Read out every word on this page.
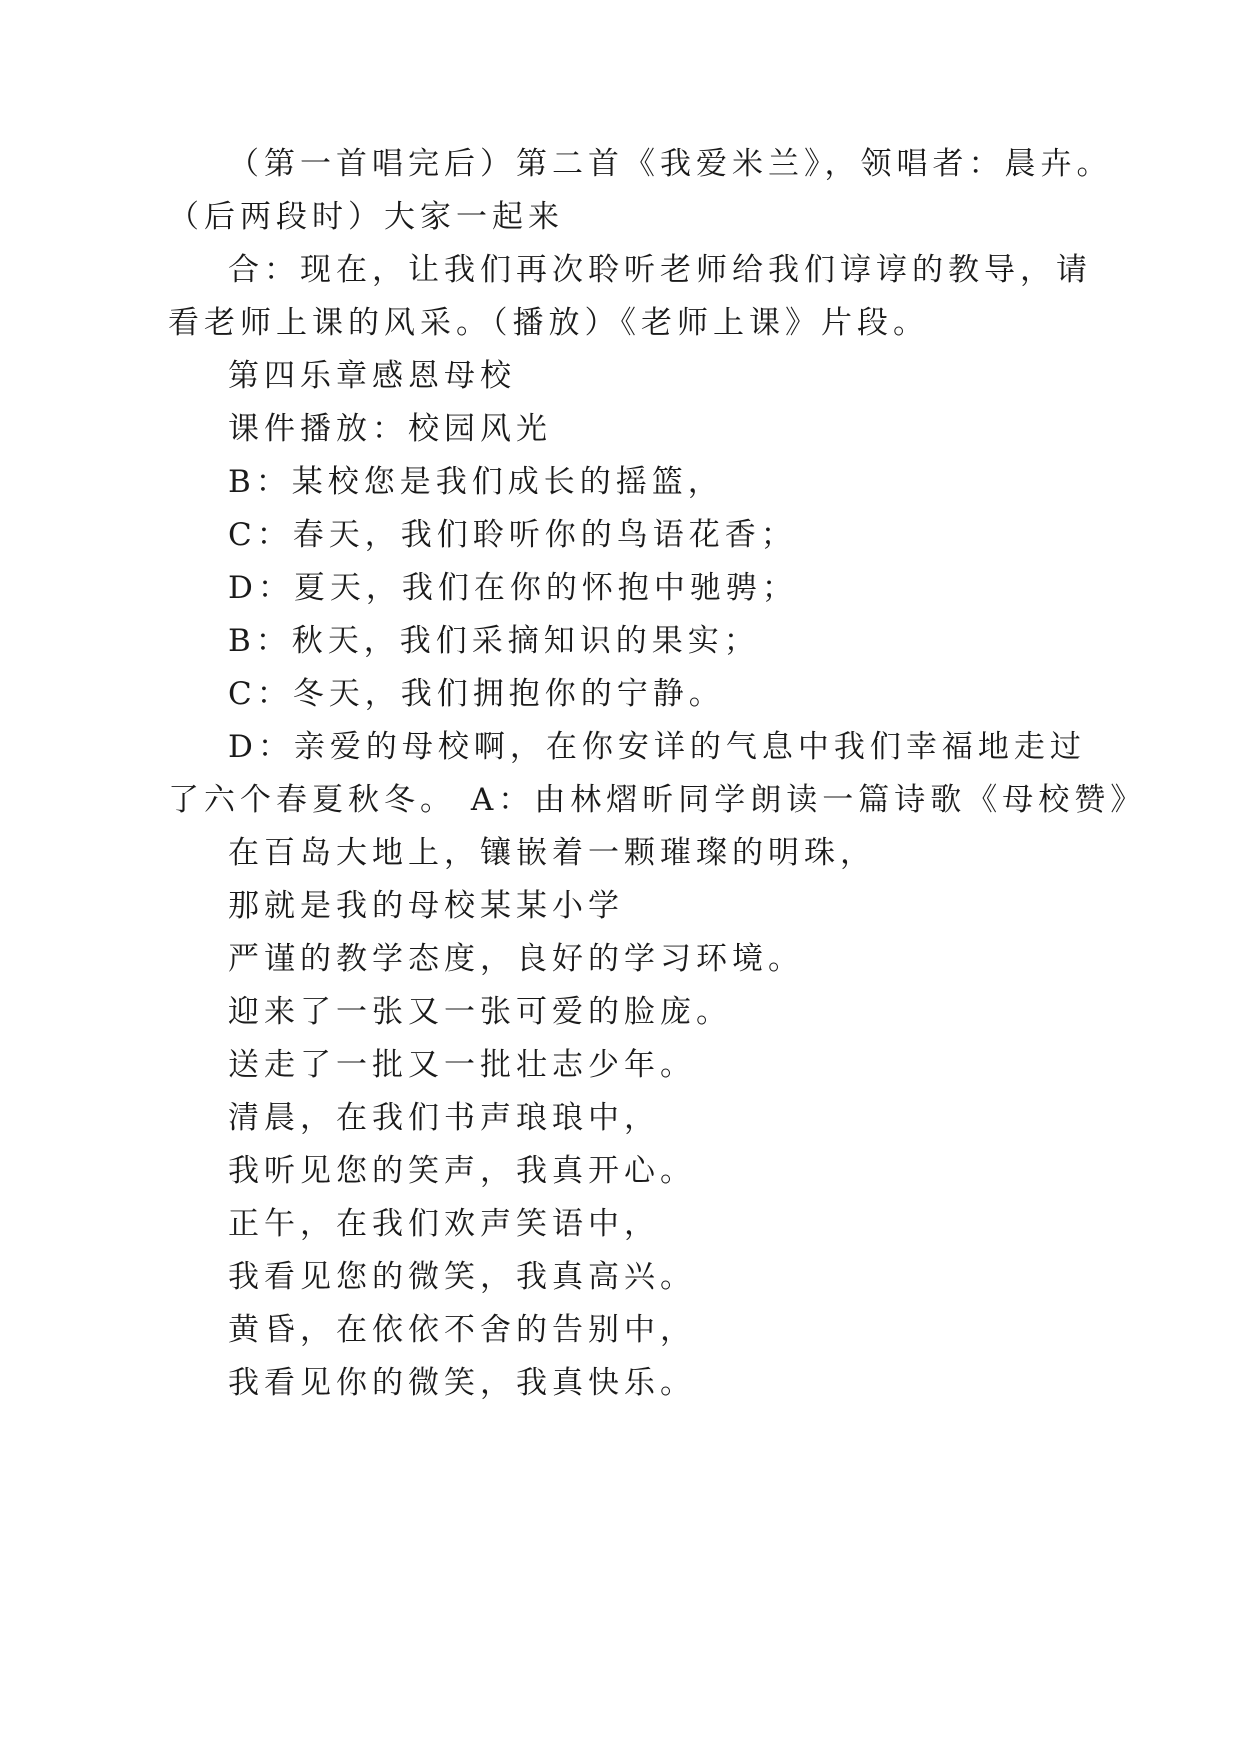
（第一首唱完后）第二首《我爱米兰》，领唱者：晨卉。
（后两段时）大家一起来
合：现在，让我们再次聆听老师给我们谆谆的教导，请
看老师上课的风采。（播放）《老师上课》片段。
第四乐章感恩母校
课件播放：校园风光
B：某校您是我们成长的摇篮，
C：春天，我们聆听你的鸟语花香；
D：夏天，我们在你的怀抱中驰骋；
B：秋天，我们采摘知识的果实；
C：冬天，我们拥抱你的宁静。
D：亲爱的母校啊，在你安详的气息中我们幸福地走过
了六个春夏秋冬。 A：由林熠昕同学朗读一篇诗歌《母校赞》
在百岛大地上，镶嵌着一颗璀璨的明珠，
那就是我的母校某某小学
严谨的教学态度，良好的学习环境。
迎来了一张又一张可爱的脸庞。
送走了一批又一批壮志少年。
清晨，在我们书声琅琅中，
我听见您的笑声，我真开心。
正午，在我们欢声笑语中，
我看见您的微笑，我真高兴。
黄昏，在依依不舍的告别中，
我看见你的微笑，我真快乐。
